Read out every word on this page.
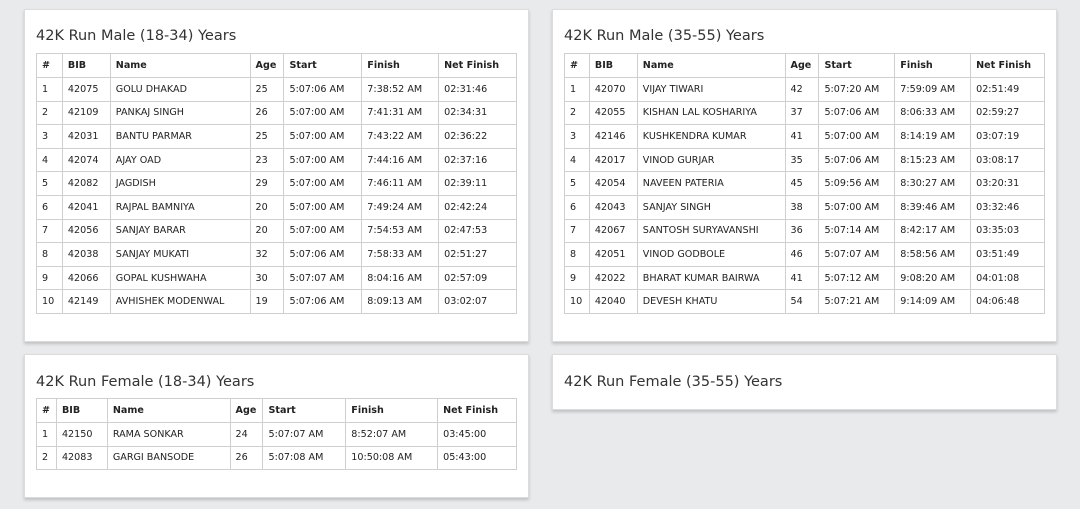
42K Run Male (18-34) Years
#	BIB	Name	Age	Start	Finish	Net Finish
1	42075	GOLU DHAKAD	25	5:07:06 AM	7:38:52 AM	02:31:46
2	42109	PANKAJ SINGH	26	5:07:00 AM	7:41:31 AM	02:34:31
3	42031	BANTU PARMAR	25	5:07:00 AM	7:43:22 AM	02:36:22
4	42074	AJAY OAD	23	5:07:00 AM	7:44:16 AM	02:37:16
5	42082	JAGDISH	29	5:07:00 AM	7:46:11 AM	02:39:11
6	42041	RAJPAL BAMNIYA	20	5:07:00 AM	7:49:24 AM	02:42:24
7	42056	SANJAY BARAR	20	5:07:00 AM	7:54:53 AM	02:47:53
8	42038	SANJAY MUKATI	32	5:07:06 AM	7:58:33 AM	02:51:27
9	42066	GOPAL KUSHWAHA	30	5:07:07 AM	8:04:16 AM	02:57:09
10	42149	AVHISHEK MODENWAL	19	5:07:06 AM	8:09:13 AM	03:02:07
42K Run Male (35-55) Years
#	BIB	Name	Age	Start	Finish	Net Finish
1	42070	VIJAY TIWARI	42	5:07:20 AM	7:59:09 AM	02:51:49
2	42055	KISHAN LAL KOSHARIYA	37	5:07:06 AM	8:06:33 AM	02:59:27
3	42146	KUSHKENDRA KUMAR	41	5:07:00 AM	8:14:19 AM	03:07:19
4	42017	VINOD GURJAR	35	5:07:06 AM	8:15:23 AM	03:08:17
5	42054	NAVEEN PATERIA	45	5:09:56 AM	8:30:27 AM	03:20:31
6	42043	SANJAY SINGH	38	5:07:00 AM	8:39:46 AM	03:32:46
7	42067	SANTOSH SURYAVANSHI	36	5:07:14 AM	8:42:17 AM	03:35:03
8	42051	VINOD GODBOLE	46	5:07:07 AM	8:58:56 AM	03:51:49
9	42022	BHARAT KUMAR BAIRWA	41	5:07:12 AM	9:08:20 AM	04:01:08
10	42040	DEVESH KHATU	54	5:07:21 AM	9:14:09 AM	04:06:48
42K Run Female (18-34) Years
#	BIB	Name	Age	Start	Finish	Net Finish
1	42150	RAMA SONKAR	24	5:07:07 AM	8:52:07 AM	03:45:00
2	42083	GARGI BANSODE	26	5:07:08 AM	10:50:08 AM	05:43:00
42K Run Female (35-55) Years
